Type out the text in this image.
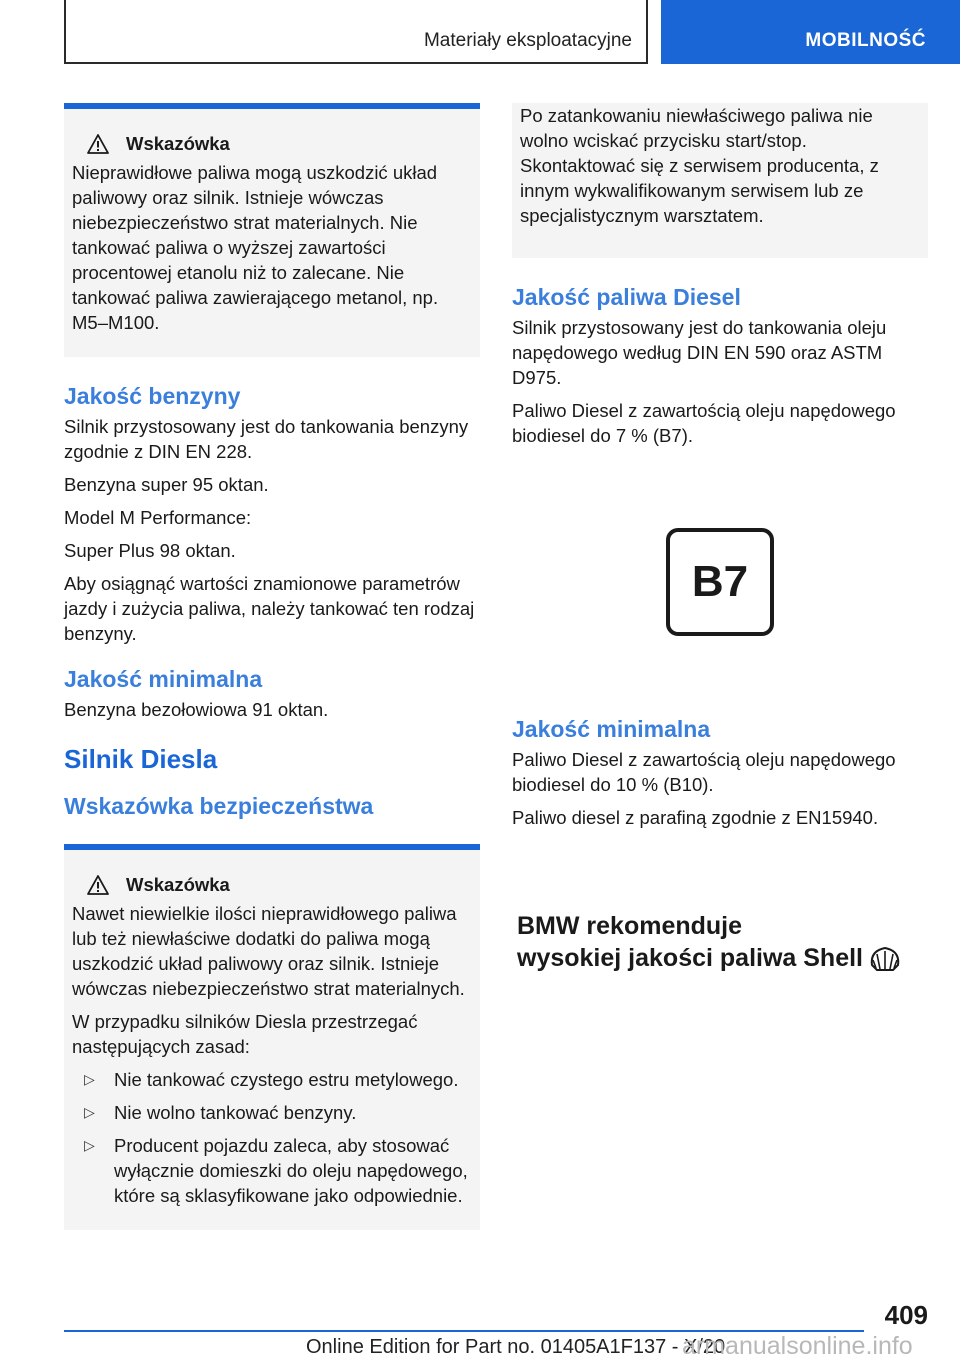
Materiały eksploatacyjne	MOBILNOŚĆ
Wskazówka

Nieprawidłowe paliwa mogą uszkodzić układ paliwowy oraz silnik. Istnieje wówczas niebezpieczeństwo strat materialnych. Nie tankować paliwa o wyższej zawartości procentowej etanolu niż to zalecane. Nie tankować paliwa zawierającego metanol, np. M5–M100.

Jakość benzyny

Silnik przystosowany jest do tankowania benzyny zgodnie z DIN EN 228.

Benzyna super 95 oktan.

Model M Performance:

Super Plus 98 oktan.

Aby osiągnąć wartości znamionowe parametrów jazdy i zużycia paliwa, należy tankować ten rodzaj benzyny.

Jakość minimalna

Benzyna bezołowiowa 91 oktan.

Silnik Diesla
Wskazówka bezpieczeństwa
Wskazówka

Nawet niewielkie ilości nieprawidłowego paliwa lub też niewłaściwe dodatki do paliwa mogą uszkodzić układ paliwowy oraz silnik. Istnieje wówczas niebezpieczeństwo strat materialnych.

W przypadku silników Diesla przestrzegać następujących zasad:

▷ Nie tankować czystego estru metylowego.
▷ Nie wolno tankować benzyny.
▷ Producent pojazdu zaleca, aby stosować wyłącznie domieszki do oleju napędowego, które są sklasyfikowane jako odpowiednie.

Po zatankowaniu niewłaściwego paliwa nie wolno wciskać przycisku start/stop. Skontaktować się z serwisem producenta, z innym wykwalifikowanym serwisem lub ze specjalistycznym warsztatem.

Jakość paliwa Diesel

Silnik przystosowany jest do tankowania oleju napędowego według DIN EN 590 oraz ASTM D975.

Paliwo Diesel z zawartością oleju napędowego biodiesel do 7 % (B7).

B7
Jakość minimalna

Paliwo Diesel z zawartością oleju napędowego biodiesel do 10 % (B10).

Paliwo diesel z parafiną zgodnie z EN15940.

BMW rekomenduje
wysokiej jakości paliwa Shell
409
Online Edition for Part no. 01405A1F137 - X/20
armanualsonline.info
